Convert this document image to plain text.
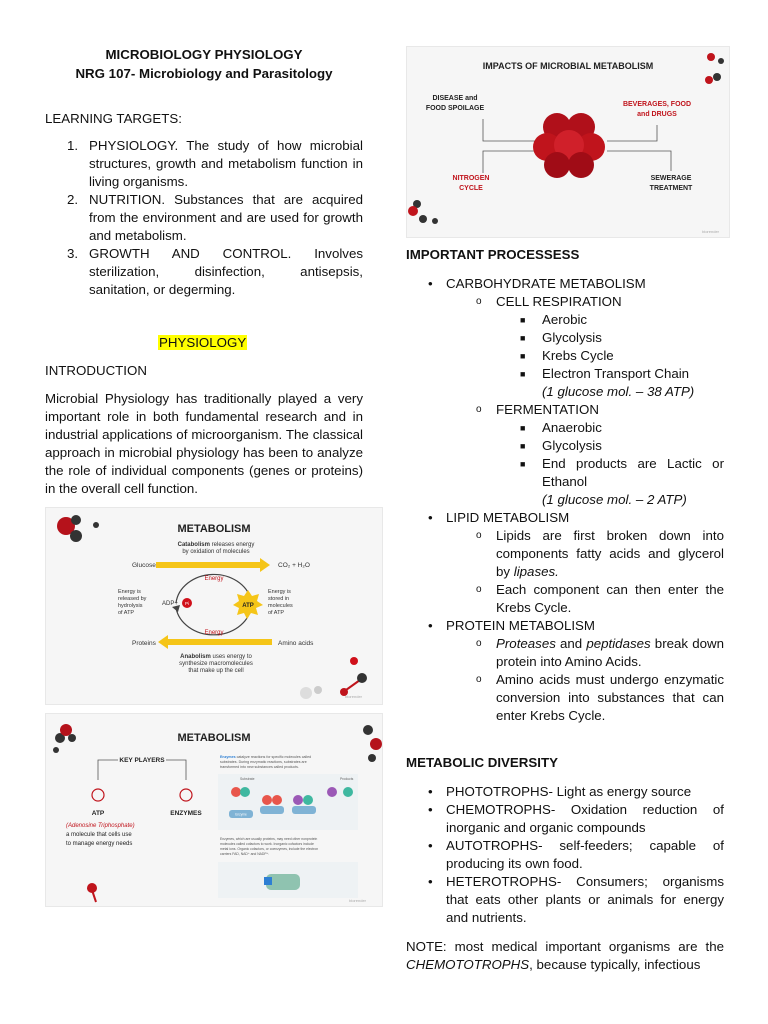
MICROBIOLOGY PHYSIOLOGY
NRG 107- Microbiology and Parasitology
LEARNING TARGETS:
1. PHYSIOLOGY. The study of how microbial structures, growth and metabolism function in living organisms.
2. NUTRITION. Substances that are acquired from the environment and are used for growth and metabolism.
3. GROWTH AND CONTROL. Involves sterilization, disinfection, antisepsis, sanitation, or degerming.
PHYSIOLOGY
INTRODUCTION
Microbial Physiology has traditionally played a very important role in both fundamental research and in industrial applications of microorganism. The classical approach in microbial physiology has been to analyze the role of individual components (genes or proteins) in the overall cell function.
METABOLISM
Catabolism releases energy
by oxidation of molecules
Glucose	CO₂ + H₂O
Proteins	Amino acids
Energy
Energy
ADP+ Pi	ATP
Energy is
released by
hydrolysis
of ATP
Energy is
stored in
molecules
of ATP
Anabolism uses energy to
synthesize macromolecules
that make up the cell
biorender
METABOLISM
KEY PLAYERS
ATP	ENZYMES
(Adenosine Triphosphate)
a molecule that cells use
to manage energy needs
Enzymes catalyze reactions for specific molecules called
substrates. During enzymatic reactions, substrates are
transformed into new substances called products.
Substrate	Products
Enzyme
Enzymes, which are usually proteins, may need other nonprotein
molecules called cofactors to work. Inorganic cofactors include
metal ions. Organic cofactors, or coenzymes, include the electron
carriers FAD, NAD⁺ and NADP⁺.
biorender
IMPACTS OF MICROBIAL METABOLISM
DISEASE and
FOOD SPOILAGE
BEVERAGES, FOOD
and DRUGS
NITROGEN
CYCLE
SEWERAGE
TREATMENT
biorender
IMPORTANT PROCESSESS
• CARBOHYDRATE METABOLISM
o CELL RESPIRATION
■ Aerobic
■ Glycolysis
■ Krebs Cycle
■ Electron Transport Chain
(1 glucose mol. – 38 ATP)
o FERMENTATION
■ Anaerobic
■ Glycolysis
■ End products are Lactic or Ethanol
(1 glucose mol. – 2 ATP)
• LIPID METABOLISM
o Lipids are first broken down into components fatty acids and glycerol by lipases.
o Each component can then enter the Krebs Cycle.
• PROTEIN METABOLISM
o Proteases and peptidases break down protein into Amino Acids.
o Amino acids must undergo enzymatic conversion into substances that can enter Krebs Cycle.
METABOLIC DIVERSITY
• PHOTOTROPHS- Light as energy source
• CHEMOTROPHS- Oxidation reduction of inorganic and organic compounds
• AUTOTROPHS- self-feeders; capable of producing its own food.
• HETEROTROPHS- Consumers; organisms that eats other plants or animals for energy and nutrients.
NOTE: most medical important organisms are the CHEMOTOTROPHS, because typically, infectious
